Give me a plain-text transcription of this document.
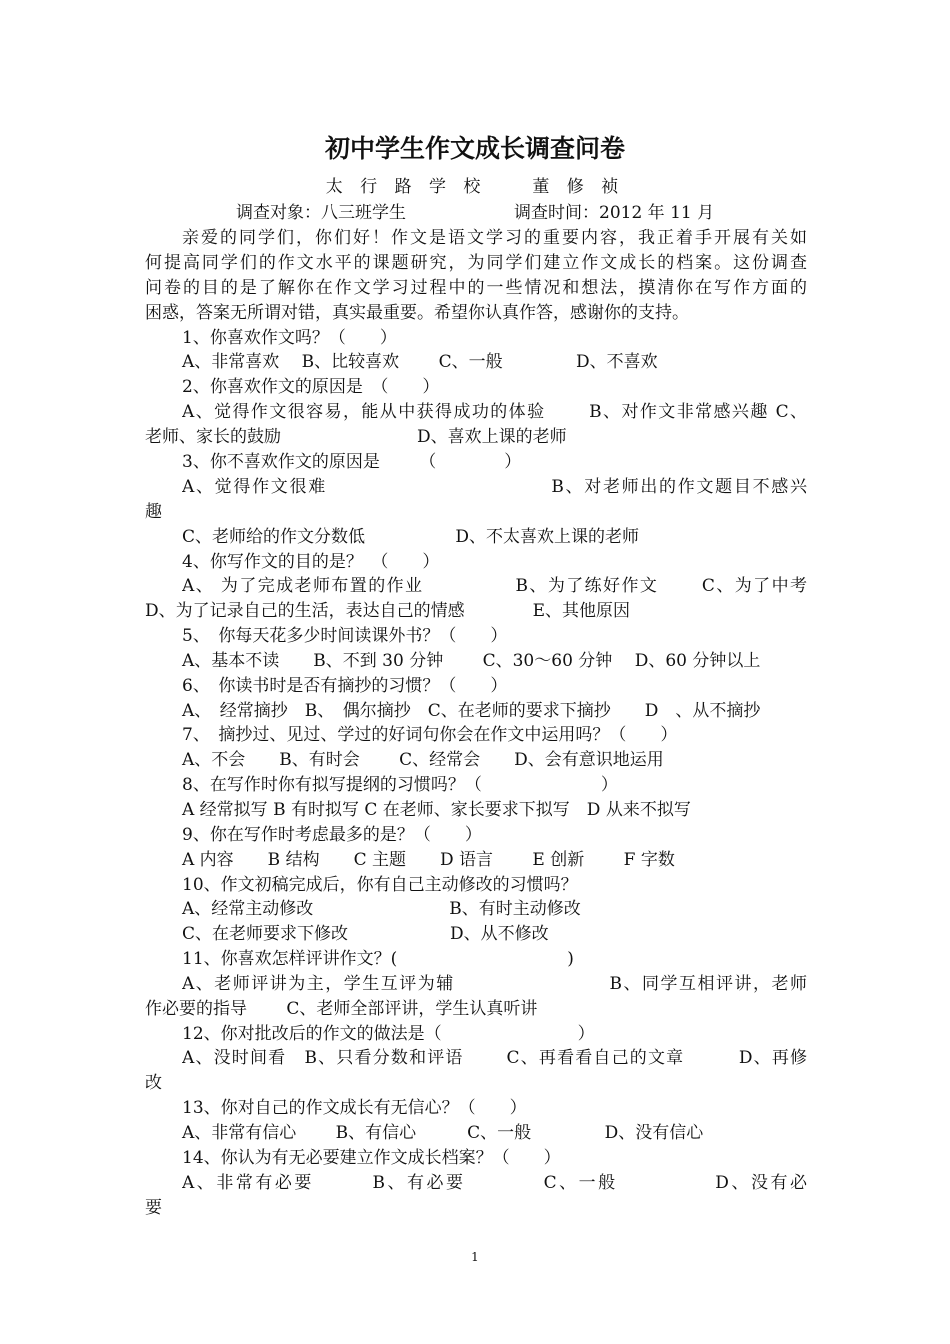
初中学生作文成长调查问卷
太 行 路 学 校　　董 修 祯
调查对象：八三班学生	调查时间：2012 年 11 月
亲爱的同学们，你们好！作文是语文学习的重要内容，我正着手开展有关如
何提高同学们的作文水平的课题研究，为同学们建立作文成长的档案。这份调查
问卷的目的是了解你在作文学习过程中的一些情况和想法，摸清你在写作方面的
困惑，答案无所谓对错，真实最重要。希望你认真作答，感谢你的支持。
1、你喜欢作文吗？（　　）
A、非常喜欢　 B、比较喜欢　　 C、一般　　　　 D、不喜欢
2、你喜欢作文的原因是　（　　）
A、觉得作文很容易，能从中获得成功的体验　　 B、对作文非常感兴趣 C、
老师、家长的鼓励　　　　　　　　D、喜欢上课的老师
3、你不喜欢作文的原因是　　 （　　　　）
A、觉得作文很难　　　　　　　　　　　　B、对老师出的作文题目不感兴
趣
C、老师给的作文分数低　　　　　 D、不太喜欢上课的老师
4、你写作文的目的是？　（　　）
A、 为了完成老师布置的作业　　　　　B、为了练好作文　　 C、为了中考
D、为了记录自己的生活，表达自己的情感　　　　E、其他原因
5、　你每天花多少时间读课外书？（　　）
A、基本不读　　B、不到 30 分钟　　 C、30～60 分钟　 D、60 分钟以上
6、　你读书时是否有摘抄的习惯？（　　）
A、　经常摘抄　B、　偶尔摘抄　C、在老师的要求下摘抄　　D　、从不摘抄
7、　摘抄过、见过、学过的好词句你会在作文中运用吗？（　　）
A、不会　　B、有时会　　 C、经常会　　D、会有意识地运用
8、在写作时你有拟写提纲的习惯吗？（　　　　　　　）
A 经常拟写 B 有时拟写 C 在老师、家长要求下拟写　D 从来不拟写
9、你在写作时考虑最多的是？（　　）
A 内容　　B 结构　　C 主题　　D 语言　　 E 创新　　 F 字数
10、作文初稿完成后，你有自己主动修改的习惯吗？
A、经常主动修改　　　　　　　　B、有时主动修改
C、在老师要求下修改　　　　　　D、从不修改
11、你喜欢怎样评讲作文？(　　　　　　　　　　)
A、老师评讲为主，学生互评为辅　　　　　　　　 B、同学互相评讲，老师
作必要的指导　　 C、老师全部评讲，学生认真听讲
12、你对批改后的作文的做法是（　　　　　　　　）
A、没时间看　B、只看分数和评语　　 C、再看看自己的文章　　　D、再修
改
13、你对自己的作文成长有无信心？（　　）
A、非常有信心　　 B、有信心　　　C、一般　　　　 D、没有信心
14、你认为有无必要建立作文成长档案？（　　）
A、非常有必要　　　B、有必要　　　　C、一般　　　　　D、没有必
要
1
